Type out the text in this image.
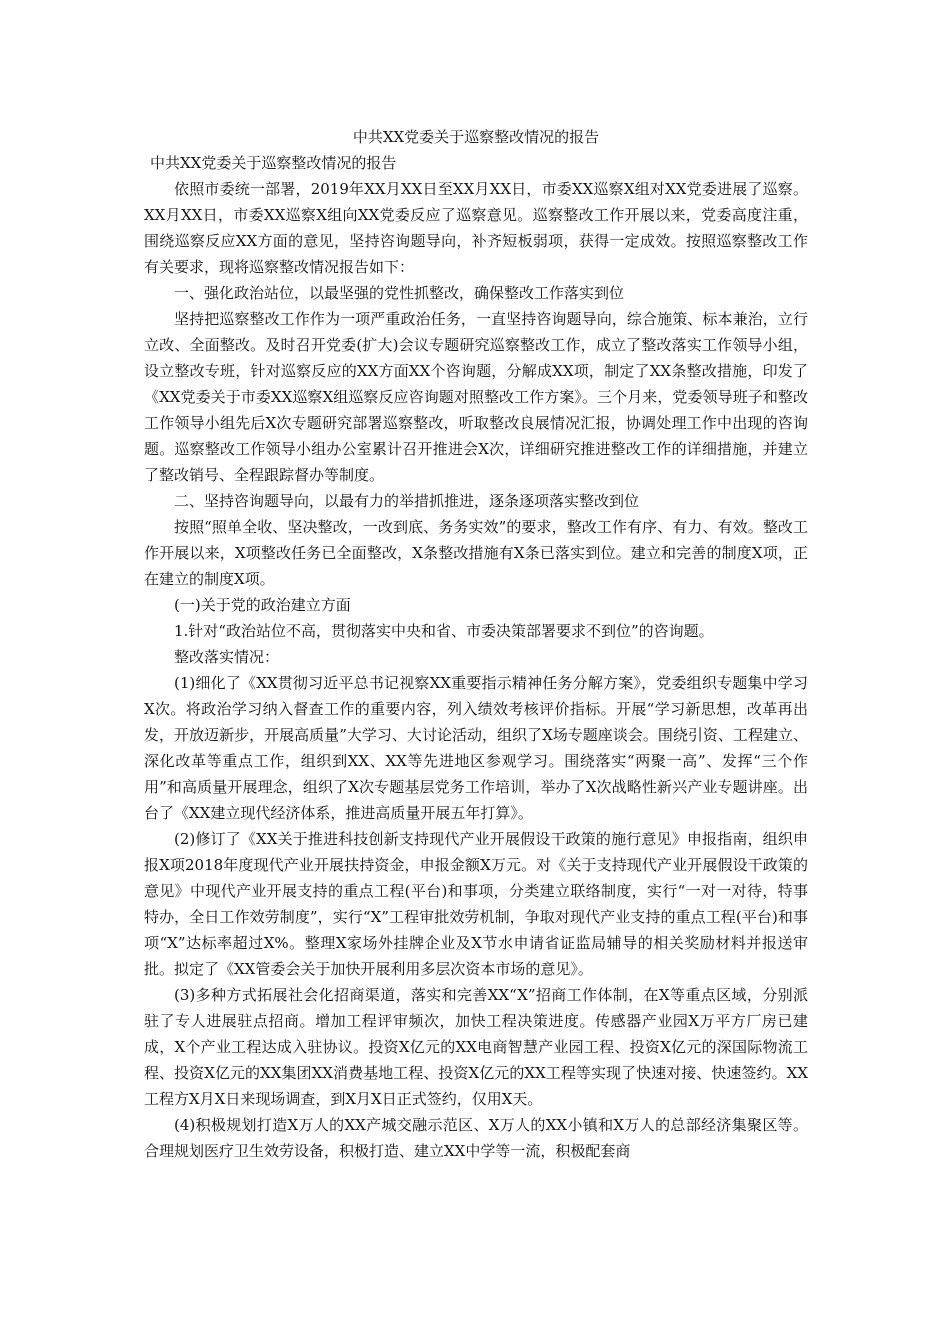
中共XX党委关于巡察整改情况的报告
中共XX党委关于巡察整改情况的报告

依照市委统一部署，2019年XX月XX日至XX月XX日，市委XX巡察X组对XX党委进展了巡察。XX月XX日，市委XX巡察X组向XX党委反应了巡察意见。巡察整改工作开展以来，党委高度注重，围绕巡察反应XX方面的意见，坚持咨询题导向，补齐短板弱项，获得一定成效。按照巡察整改工作有关要求，现将巡察整改情况报告如下：

一、强化政治站位，以最坚强的党性抓整改，确保整改工作落实到位

坚持把巡察整改工作作为一项严重政治任务，一直坚持咨询题导向，综合施策、标本兼治，立行立改、全面整改。及时召开党委(扩大)会议专题研究巡察整改工作，成立了整改落实工作领导小组，设立整改专班，针对巡察反应的XX方面XX个咨询题，分解成XX项，制定了XX条整改措施，印发了《XX党委关于市委XX巡察X组巡察反应咨询题对照整改工作方案》。三个月来，党委领导班子和整改工作领导小组先后X次专题研究部署巡察整改，听取整改良展情况汇报，协调处理工作中出现的咨询题。巡察整改工作领导小组办公室累计召开推进会X次，详细研究推进整改工作的详细措施，并建立了整改销号、全程跟踪督办等制度。

二、坚持咨询题导向，以最有力的举措抓推进，逐条逐项落实整改到位

按照“照单全收、坚决整改，一改到底、务务实效”的要求，整改工作有序、有力、有效。整改工作开展以来，X项整改任务已全面整改，X条整改措施有X条已落实到位。建立和完善的制度X项，正在建立的制度X项。

(一)关于党的政治建立方面

1.针对“政治站位不高，贯彻落实中央和省、市委决策部署要求不到位”的咨询题。

整改落实情况：

(1)细化了《XX贯彻习近平总书记视察XX重要指示精神任务分解方案》，党委组织专题集中学习X次。将政治学习纳入督查工作的重要内容，列入绩效考核评价指标。开展“学习新思想，改革再出发，开放迈新步，开展高质量”大学习、大讨论活动，组织了X场专题座谈会。围绕引资、工程建立、深化改革等重点工作，组织到XX、XX等先进地区参观学习。围绕落实“两聚一高”、发挥“三个作用”和高质量开展理念，组织了X次专题基层党务工作培训，举办了X次战略性新兴产业专题讲座。出台了《XX建立现代经济体系，推进高质量开展五年打算》。

(2)修订了《XX关于推进科技创新支持现代产业开展假设干政策的施行意见》申报指南，组织申报X项2018年度现代产业开展扶持资金，申报金额X万元。对《关于支持现代产业开展假设干政策的意见》中现代产业开展支持的重点工程(平台)和事项，分类建立联络制度，实行“一对一对待，特事特办，全日工作效劳制度”，实行“X”工程审批效劳机制，争取对现代产业支持的重点工程(平台)和事项“X”达标率超过X%。整理X家场外挂牌企业及X节水申请省证监局辅导的相关奖励材料并报送审批。拟定了《XX管委会关于加快开展利用多层次资本市场的意见》。

(3)多种方式拓展社会化招商渠道，落实和完善XX“X”招商工作体制，在X等重点区域，分别派驻了专人进展驻点招商。增加工程评审频次，加快工程决策进度。传感器产业园X万平方厂房已建成，X个产业工程达成入驻协议。投资X亿元的XX电商智慧产业园工程、投资X亿元的深国际物流工程、投资X亿元的XX集团XX消费基地工程、投资X亿元的XX工程等实现了快速对接、快速签约。XX工程方X月X日来现场调查，到X月X日正式签约，仅用X天。

(4)积极规划打造X万人的XX产城交融示范区、X万人的XX小镇和X万人的总部经济集聚区等。合理规划医疗卫生效劳设备，积极打造、建立XX中学等一流，积极配套商
